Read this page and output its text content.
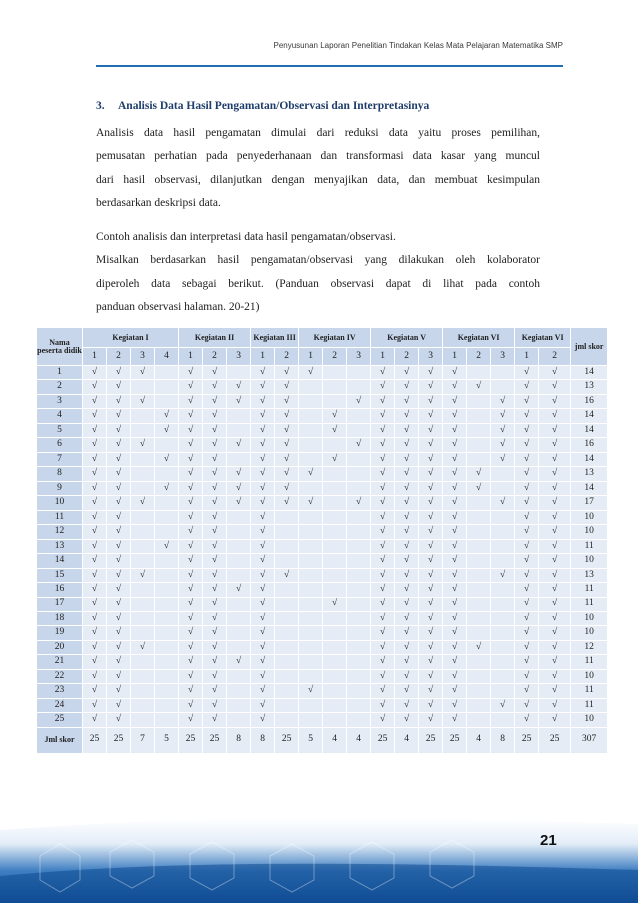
Penyusunan Laporan Penelitian Tindakan Kelas Mata Pelajaran Matematika SMP
3. Analisis Data Hasil Pengamatan/Observasi dan Interpretasinya
Analisis data hasil pengamatan dimulai dari reduksi data yaitu proses pemilihan,
pemusatan perhatian pada penyederhanaan dan transformasi data kasar yang muncul
dari hasil observasi, dilanjutkan dengan menyajikan data, dan membuat kesimpulan
berdasarkan deskripsi data.
Contoh analisis dan interpretasi data hasil pengamatan/observasi.
Misalkan berdasarkan hasil pengamatan/observasi yang dilakukan oleh kolaborator
diperoleh data sebagai berikut. (Panduan observasi dapat di lihat pada contoh
panduan observasi halaman. 20-21)
Nama peserta didik	Kegiatan I				Kegiatan II			Kegiatan III		Kegiatan IV			Kegiatan V			Kegiatan VI			Kegiatan VI		jml skor
	1	2	3	4	1	2	3	1	2	1	2	3	1	2	3	1	2	3	1	2	
1	√	√	√		√	√		√	√	√			√	√	√	√			√	√	14
2	√	√			√	√	√	√	√				√	√	√	√	√		√	√	13
3	√	√	√		√	√	√	√	√			√	√	√	√	√		√	√	√	16
4	√	√		√	√	√		√	√		√		√	√	√	√		√	√	√	14
5	√	√		√	√	√		√	√		√		√	√	√	√		√	√	√	14
6	√	√	√		√	√	√	√	√			√	√	√	√	√		√	√	√	16
7	√	√		√	√	√		√	√		√		√	√	√	√		√	√	√	14
8	√	√			√	√	√	√	√	√			√	√	√	√	√		√	√	13
9	√	√		√	√	√	√	√	√				√	√	√	√	√		√	√	14
10	√	√	√		√	√	√	√	√	√		√	√	√	√	√		√	√	√	17
11	√	√			√	√		√					√	√	√	√			√	√	10
12	√	√			√	√		√					√	√	√	√			√	√	10
13	√	√		√	√	√		√					√	√	√	√			√	√	11
14	√	√			√	√		√					√	√	√	√			√	√	10
15	√	√	√		√	√		√	√				√	√	√	√		√	√	√	13
16	√	√			√	√	√	√					√	√	√	√			√	√	11
17	√	√			√	√		√			√		√	√	√	√			√	√	11
18	√	√			√	√		√					√	√	√	√			√	√	10
19	√	√			√	√		√					√	√	√	√			√	√	10
20	√	√	√		√	√		√					√	√	√	√	√		√	√	12
21	√	√			√	√	√	√					√	√	√	√			√	√	11
22	√	√			√	√		√					√	√	√	√			√	√	10
23	√	√			√	√		√		√			√	√	√	√			√	√	11
24	√	√			√	√		√					√	√	√	√		√	√	√	11
25	√	√			√	√		√					√	√	√	√			√	√	10
Jml skor	25	25	7	5	25	25	8	8	25	5	4	4	25	4	25	25	4	8	25	25	307
21
